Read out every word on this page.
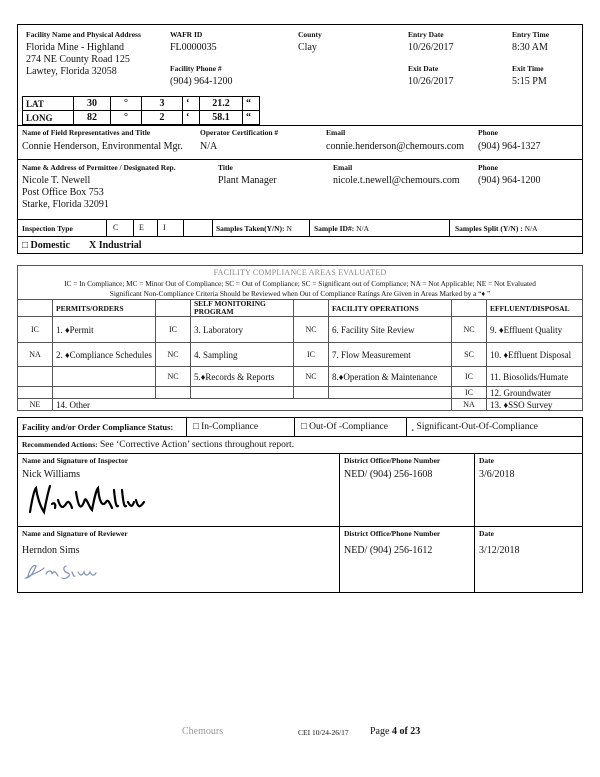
Facility Name and Physical Address
Florida Mine - Highland
274 NE County Road 125
Lawtey, Florida 32058
WAFR ID
FL0000035
Facility Phone #
(904) 964-1200
County
Clay
Entry Date
10/26/2017
Entry Time
8:30 AM
Exit Date
10/26/2017
Exit Time
5:15 PM
LAT	30	°	3	‘	21.2	“
LONG	82	°	2	‘	58.1	“
Name of Field Representatives and Title
Connie Henderson, Environmental Mgr.
Operator Certification #
N/A
Email
connie.henderson@chemours.com
Phone
(904) 964-1327
Name & Address of Permittee / Designated Rep.
Nicole T. Newell
Post Office Box 753
Starke, Florida 32091
Title
Plant Manager
Email
nicole.t.newell@chemours.com
Phone
(904) 964-1200
Inspection Type	C	E I	Samples Taken(Y/N): N	Sample ID#: N/A	Samples Split (Y/N) : N/A
□ Domestic X Industrial
FACILITY COMPLIANCE AREAS EVALUATED
IC = In Compliance; MC = Minor Out of Compliance; SC = Out of Compliance; SC = Significant out of Compliance; NA = Not Applicable; NE = Not Evaluated
Significant Non-Compliance Criteria Should be Reviewed when Out of Compliance Ratings Are Given in Areas Marked by a “♦ ”
	PERMITS/ORDERS		SELF MONITORING PROGRAM		FACILITY OPERATIONS		EFFLUENT/DISPOSAL
IC	1. ♦Permit	IC	3. Laboratory	NC	6. Facility Site Review	NC	9. ♦Effluent Quality
NA	2. ♦Compliance Schedules	NC	4. Sampling	IC	7. Flow Measurement	SC	10. ♦Effluent Disposal
		NC	5.♦Records & Reports	NC	8.♦Operation & Maintenance	IC	11. Biosolids/Humate
						IC	12. Groundwater
NE	14. Other					NA	13. ♦SSO Survey
Facility and/or Order Compliance Status: □ In-Compliance	□ Out-Of -Compliance ¸ Significant-Out-Of-Compliance
Recommended Actions: See ‘Corrective Action’ sections throughout report.
Name and Signature of Inspector
Nick Williams
District Office/Phone Number
NED/ (904) 256-1608
Date
3/6/2018
Name and Signature of Reviewer
Herndon Sims
District Office/Phone Number
NED/ (904) 256-1612
Date
3/12/2018
Chemours	CEI 10/24-26/17 Page 4 of 23
